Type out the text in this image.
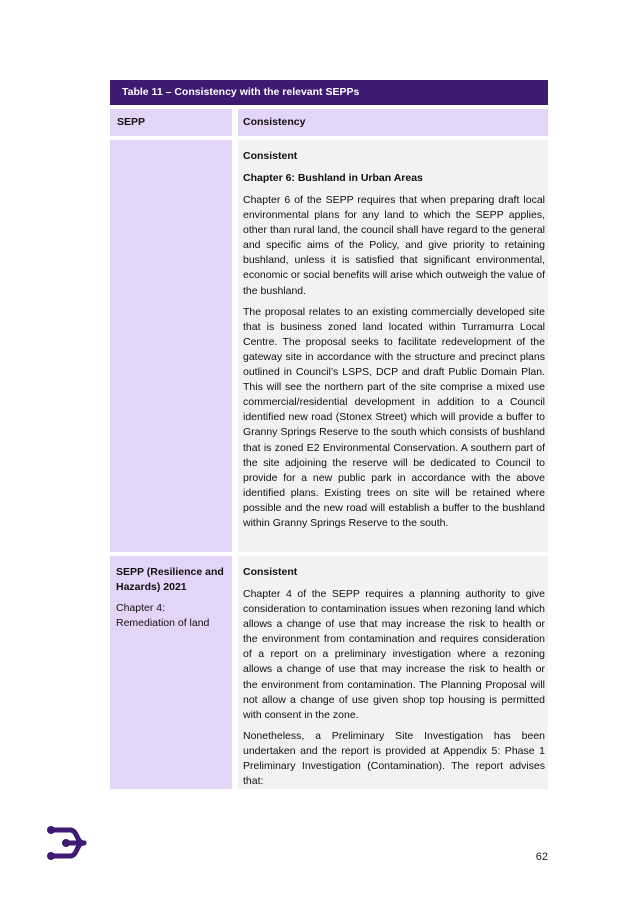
Table 11 – Consistency with the relevant SEPPs
SEPP	Consistency
Consistent
Chapter 6: Bushland in Urban Areas

Chapter 6 of the SEPP requires that when preparing draft local environmental plans for any land to which the SEPP applies, other than rural land, the council shall have regard to the general and specific aims of the Policy, and give priority to retaining bushland, unless it is satisfied that significant environmental, economic or social benefits will arise which outweigh the value of the bushland.

The proposal relates to an existing commercially developed site that is business zoned land located within Turramurra Local Centre. The proposal seeks to facilitate redevelopment of the gateway site in accordance with the structure and precinct plans outlined in Council’s LSPS, DCP and draft Public Domain Plan. This will see the northern part of the site comprise a mixed use commercial/residential development in addition to a Council identified new road (Stonex Street) which will provide a buffer to Granny Springs Reserve to the south which consists of bushland that is zoned E2 Environmental Conservation. A southern part of the site adjoining the reserve will be dedicated to Council to provide for a new public park in accordance with the above identified plans. Existing trees on site will be retained where possible and the new road will establish a buffer to the bushland within Granny Springs Reserve to the south.

SEPP (Resilience and Hazards) 2021
Chapter 4: Remediation of land
Consistent

Chapter 4 of the SEPP requires a planning authority to give consideration to contamination issues when rezoning land which allows a change of use that may increase the risk to health or the environment from contamination and requires consideration of a report on a preliminary investigation where a rezoning allows a change of use that may increase the risk to health or the environment from contamination. The Planning Proposal will not allow a change of use given shop top housing is permitted with consent in the zone.

Nonetheless, a Preliminary Site Investigation has been undertaken and the report is provided at Appendix 5: Phase 1 Preliminary Investigation (Contamination). The report advises that:

62
